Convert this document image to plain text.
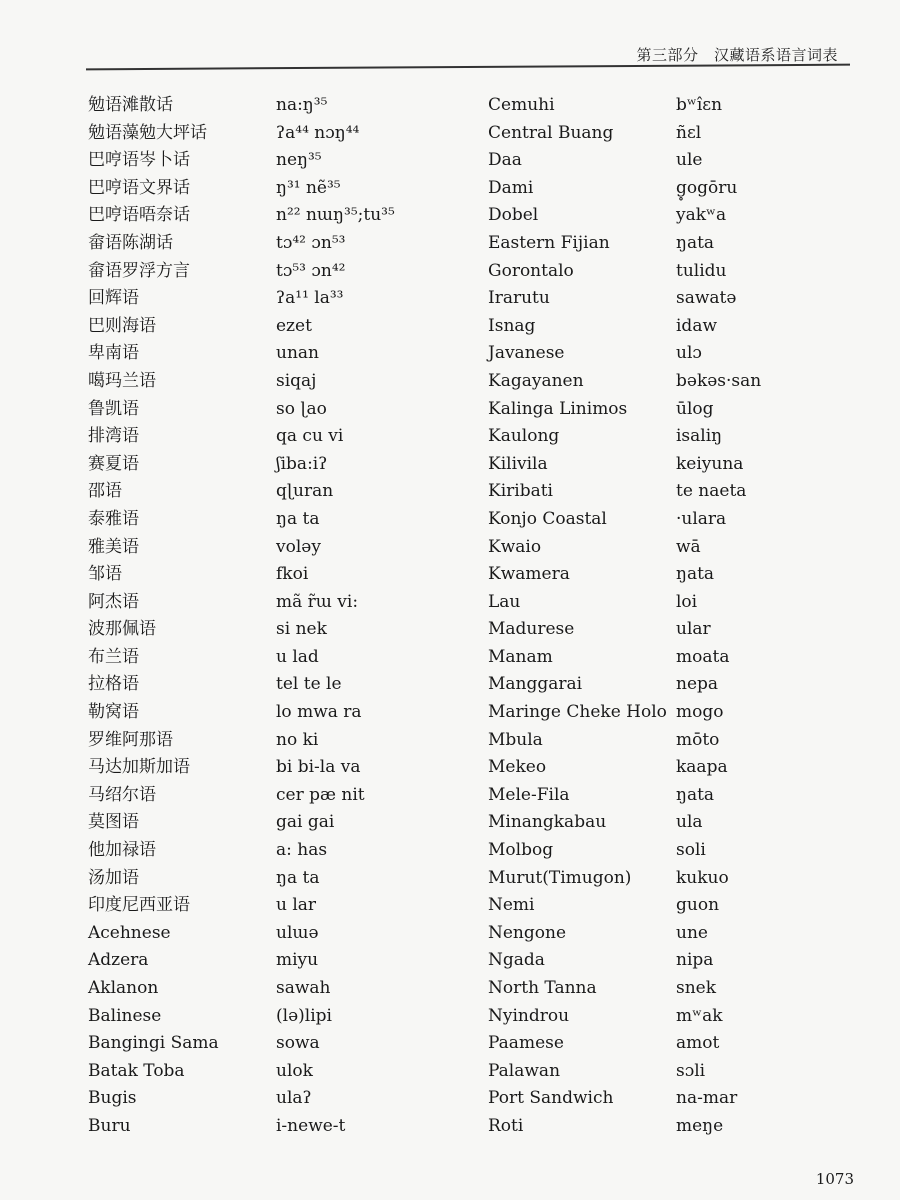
第三部分　汉藏语系语言词表
勉语滩散话
勉语藻勉大坪话
巴哼语岑卜话
巴哼语文界话
巴哼语唔奈话
畲语陈湖话
畲语罗浮方言
回辉语
巴则海语
卑南语
噶玛兰语
鲁凯语
排湾语
赛夏语
邵语
泰雅语
雅美语
邹语
阿杰语
波那佩语
布兰语
拉格语
勒窝语
罗维阿那语
马达加斯加语
马绍尔语
莫图语
他加禄语
汤加语
印度尼西亚语
Acehnese
Adzera
Aklanon
Balinese
Bangingi Sama
Batak Toba
Bugis
Buru
na:ŋ³⁵
ʔa⁴⁴ nɔŋ⁴⁴
neŋ³⁵
ŋ³¹ nẽ³⁵
n²² nɯŋ³⁵;tu³⁵
tɔ⁴² ɔn⁵³
tɔ⁵³ ɔn⁴²
ʔa¹¹ la³³
ezet
unan
siqaj
so ɭao
qa cu vi
ʃiba:iʔ
qɭuran
ŋa ta
voləy
fkoi
mã r̃ɯ vi:
si nek
u lad
tel te le
lo mwa ra
no ki
bi bi-la va
cer pæ nit
gai gai
a: has
ŋa ta
u lar
ulɯə
miyu
sawah
(lə)lipi
sowa
ulok
ulaʔ
i-newe-t
Cemuhi
Central Buang
Daa
Dami
Dobel
Eastern Fijian
Gorontalo
Irarutu
Isnag
Javanese
Kagayanen
Kalinga Linimos
Kaulong
Kilivila
Kiribati
Konjo Coastal
Kwaio
Kwamera
Lau
Madurese
Manam
Manggarai
Maringe Cheke Holo
Mbula
Mekeo
Mele-Fila
Minangkabau
Molbog
Murut(Timugon)
Nemi
Nengone
Ngada
North Tanna
Nyindrou
Paamese
Palawan
Port Sandwich
Roti
bʷîɛn
ñɛl
ule
g̥ogōru
yakʷa
ŋata
tulidu
sawatə
idaw
ulɔ
bəkəs·san
ūlog
isaliŋ
keiyuna
te naeta
·ulara
wā
ŋata
loi
ular
moata
nepa
mogo
mōto
kaapa
ŋata
ula
soli
kukuo
guon
une
nipa
snek
mʷak
amot
sɔli
na-mar
meŋe
1073
